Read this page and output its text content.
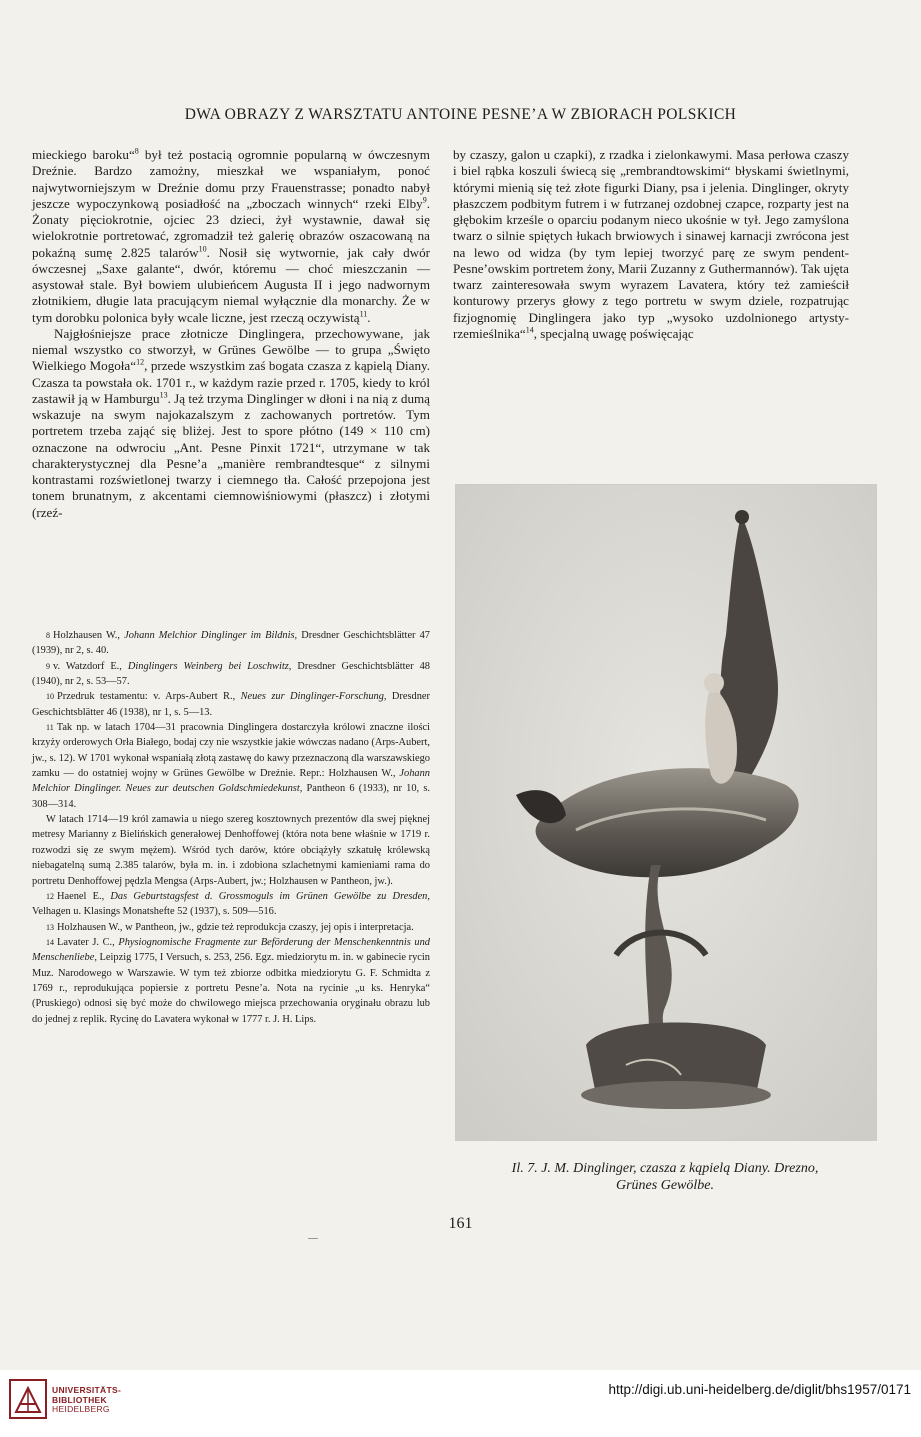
DWA OBRAZY Z WARSZTATU ANTOINE PESNE’A W ZBIORACH POLSKICH

mieckiego baroku“$^8$ był też postacią ogromnie popularną w ówczesnym Dreźnie. Bardzo zamożny, mieszkał we wspaniałym, ponoć najwytworniejszym w Dreźnie domu przy Frauenstrasse; ponadto nabył jeszcze wypoczynkową posiadłość na „zboczach winnych“ rzeki Elby$^9$. Żonaty pięciokrotnie, ojciec 23 dzieci, żył wystawnie, dawał się wielokrotnie portretować, zgromadził też galerię obrazów oszacowaną na pokaźną sumę 2.825 talarów$^{10}$. Nosił się wytwornie, jak cały dwór ówczesnej „Saxe galante“, dwór, któremu — choć mieszczanin — asystował stale. Był bowiem ulubieńcem Augusta II i jego nadwornym złotnikiem, długie lata pracującym niemal wyłącznie dla monarchy. Że w tym dorobku polonica były wcale liczne, jest rzeczą oczywistą$^{11}$.

Najgłośniejsze prace złotnicze Dinglingera, przechowywane, jak niemal wszystko co stworzył, w Grünes Gewölbe — to grupa „Święto Wielkiego Mogoła“$^{12}$, przede wszystkim zaś bogata czasza z kąpielą Diany. Czasza ta powstała ok. 1701 r., w każdym razie przed r. 1705, kiedy to król zastawił ją w Hamburgu$^{13}$. Ją też trzyma Dinglinger w dłoni i na nią z dumą wskazuje na swym najokazalszym z zachowanych portretów. Tym portretem trzeba zająć się bliżej. Jest to spore płótno (149 × 110 cm) oznaczone na odwrociu „Ant. Pesne Pinxit 1721“, utrzymane w tak charakterystycznej dla Pesne’a „manière rembrandtesque“ z silnymi kontrastami rozświetlonej twarzy i ciemnego tła. Całość przepojona jest tonem brunatnym, z akcentami ciemnowiśniowymi (płaszcz) i złotymi (rzeź-

by czaszy, galon u czapki), z rzadka i zielonkawymi. Masa perłowa czaszy i biel rąbka koszuli świecą się „rembrandtowskimi“ błyskami świetlnymi, którymi mienią się też złote figurki Diany, psa i jelenia. Dinglinger, okryty płaszczem podbitym futrem i w futrzanej ozdobnej czapce, rozparty jest na głębokim krześle o oparciu podanym nieco ukośnie w tył. Jego zamyślona twarz o silnie spiętych łukach brwiowych i sinawej karnacji zwrócona jest na lewo od widza (by tym lepiej tworzyć parę ze swym pendent-Pesne’owskim portretem żony, Marii Zuzanny z Guthermannów). Tak ujęta twarz zainteresowała swym wyrazem Lavatera, który też zamieścił konturowy przerys głowy z tego portretu w swym dziele, rozpatrując fizjognomię Dinglingera jako typ „wysoko uzdolnionego artysty-rzemieślnika“$^{14}$, specjalną uwagę poświęcając

$^8$ Holzhausen W., Johann Melchior Dinglinger im Bildnis, Dresdner Geschichtsblätter 47 (1939), nr 2, s. 40.

$^9$ v. Watzdorf E., Dinglingers Weinberg bei Loschwitz, Dresdner Geschichtsblätter 48 (1940), nr 2, s. 53—57.

$^{10}$ Przedruk testamentu: v. Arps-Aubert R., Neues zur Dinglinger-Forschung, Dresdner Geschichtsblätter 46 (1938), nr 1, s. 5—13.

$^{11}$ Tak np. w latach 1704—31 pracownia Dinglingera dostarczyła królowi znaczne ilości krzyży orderowych Orła Białego, bodaj czy nie wszystkie jakie wówczas nadano (Arps-Aubert, jw., s. 12). W 1701 wykonał wspaniałą złotą zastawę do kawy przeznaczoną dla warszawskiego zamku — do ostatniej wojny w Grünes Gewölbe w Dreźnie. Repr.: Holzhausen W., Johann Melchior Dinglinger. Neues zur deutschen Goldschmiedekunst, Pantheon 6 (1933), nr 10, s. 308—314.

W latach 1714—19 król zamawia u niego szereg kosztownych prezentów dla swej pięknej metresy Marianny z Bielińskich generałowej Denhoffowej (która nota bene właśnie w 1719 r. rozwodzi się ze swym mężem). Wśród tych darów, które obciążyły szkatułę królewską niebagatelną sumą 2.385 talarów, była m. in. i zdobiona szlachetnymi kamieniami rama do portretu Denhoffowej pędzla Mengsa (Arps-Aubert, jw.; Holzhausen w Pantheon, jw.).

$^{12}$ Haenel E., Das Geburtstagsfest d. Grossmoguls im Grünen Gewölbe zu Dresden, Velhagen u. Klasings Monatshefte 52 (1937), s. 509—516.

$^{13}$ Holzhausen W., w Pantheon, jw., gdzie też reprodukcja czaszy, jej opis i interpretacja.

$^{14}$ Lavater J. C., Physiognomische Fragmente zur Beförderung der Menschenkenntnis und Menschenliebe, Leipzig 1775, I Versuch, s. 253, 256. Egz. miedziorytu m. in. w gabinecie rycin Muz. Narodowego w Warszawie. W tym też zbiorze odbitka miedziorytu G. F. Schmidta z 1769 r., reprodukująca popiersie z portretu Pesne’a. Nota na rycinie „u ks. Henryka“ (Pruskiego) odnosi się być może do chwilowego miejsca przechowania oryginału obrazu lub do jednej z replik. Rycinę do Lavatera wykonał w 1777 r. J. H. Lips.

Il. 7. J. M. Dinglinger, czasza z kąpielą Diany. Drezno,
Grünes Gewölbe.
161
UNIVERSITÄTS-
BIBLIOTHEK
HEIDELBERG
http://digi.ub.uni-heidelberg.de/diglit/bhs1957/0171
